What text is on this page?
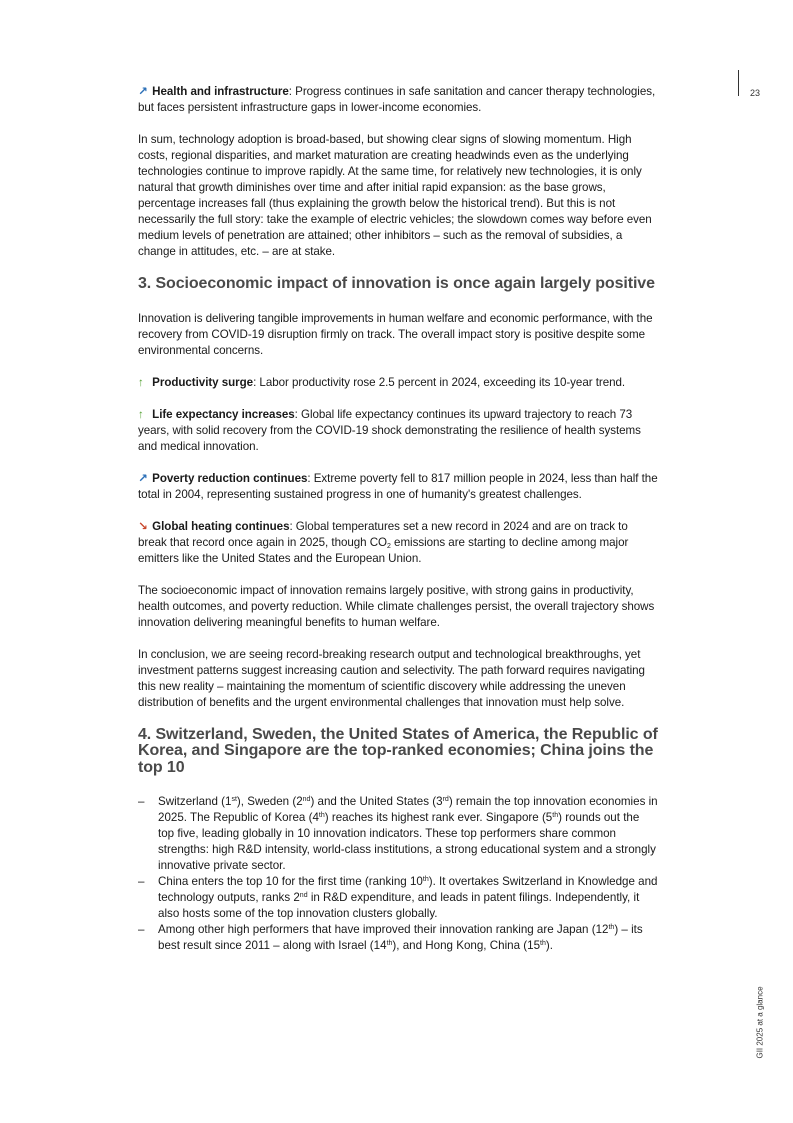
23
GII 2025 at a glance

↗ Health and infrastructure: Progress continues in safe sanitation and cancer therapy technologies, but faces persistent infrastructure gaps in lower-income economies.

In sum, technology adoption is broad-based, but showing clear signs of slowing momentum. High costs, regional disparities, and market maturation are creating headwinds even as the underlying technologies continue to improve rapidly. At the same time, for relatively new technologies, it is only natural that growth diminishes over time and after initial rapid expansion: as the base grows, percentage increases fall (thus explaining the growth below the historical trend). But this is not necessarily the full story: take the example of electric vehicles; the slowdown comes way before even medium levels of penetration are attained; other inhibitors – such as the removal of subsidies, a change in attitudes, etc. – are at stake.

3. Socioeconomic impact of innovation is once again largely positive

Innovation is delivering tangible improvements in human welfare and economic performance, with the recovery from COVID-19 disruption firmly on track. The overall impact story is positive despite some environmental concerns.

↑ Productivity surge: Labor productivity rose 2.5 percent in 2024, exceeding its 10-year trend.

↑ Life expectancy increases: Global life expectancy continues its upward trajectory to reach 73 years, with solid recovery from the COVID-19 shock demonstrating the resilience of health systems and medical innovation.

↗ Poverty reduction continues: Extreme poverty fell to 817 million people in 2024, less than half the total in 2004, representing sustained progress in one of humanity's greatest challenges.

↘ Global heating continues: Global temperatures set a new record in 2024 and are on track to break that record once again in 2025, though $CO_2$ emissions are starting to decline among major emitters like the United States and the European Union.

The socioeconomic impact of innovation remains largely positive, with strong gains in productivity, health outcomes, and poverty reduction. While climate challenges persist, the overall trajectory shows innovation delivering meaningful benefits to human welfare.

In conclusion, we are seeing record-breaking research output and technological breakthroughs, yet investment patterns suggest increasing caution and selectivity. The path forward requires navigating this new reality – maintaining the momentum of scientific discovery while addressing the uneven distribution of benefits and the urgent environmental challenges that innovation must help solve.

4. Switzerland, Sweden, the United States of America, the Republic of Korea, and Singapore are the top-ranked economies; China joins the top 10
– Switzerland (1st), Sweden (2nd) and the United States (3rd) remain the top innovation economies in 2025. The Republic of Korea (4th) reaches its highest rank ever. Singapore (5th) rounds out the top five, leading globally in 10 innovation indicators. These top performers share common strengths: high R&D intensity, world-class institutions, a strong educational system and a strongly innovative private sector.
– China enters the top 10 for the first time (ranking 10th). It overtakes Switzerland in Knowledge and technology outputs, ranks 2nd in R&D expenditure, and leads in patent filings. Independently, it also hosts some of the top innovation clusters globally.
– Among other high performers that have improved their innovation ranking are Japan (12th) – its best result since 2011 – along with Israel (14th), and Hong Kong, China (15th).
